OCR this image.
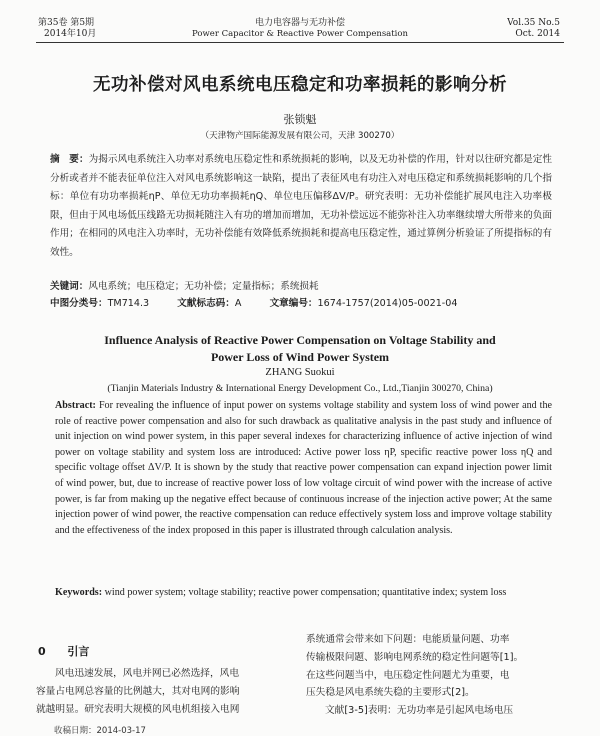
第35卷 第5期
2014年10月
电力电容器与无功补偿
Power Capacitor & Reactive Power Compensation
Vol.35 No.5
Oct. 2014
无功补偿对风电系统电压稳定和功率损耗的影响分析
张锁魁
（天津物产国际能源发展有限公司，天津 300270）
摘　要：为揭示风电系统注入功率对系统电压稳定性和系统损耗的影响，以及无功补偿的作用，针对以往研究都是定性分析或者并不能表征单位注入对风电系统影响这一缺陷，提出了表征风电有功注入对电压稳定和系统损耗影响的几个指标：单位有功功率损耗ηP、单位无功功率损耗ηQ、单位电压偏移ΔV/P。研究表明：无功补偿能扩展风电注入功率极限，但由于风电场低压线路无功损耗随注入有功的增加而增加，无功补偿远远不能弥补注入功率继续增大所带来的负面作用；在相同的风电注入功率时，无功补偿能有效降低系统损耗和提高电压稳定性，通过算例分析验证了所提指标的有效性。
关键词：风电系统；电压稳定；无功补偿；定量指标；系统损耗
中图分类号：TM714.3	文献标志码：A	文章编号：1674-1757(2014)05-0021-04
Influence Analysis of Reactive Power Compensation on Voltage Stability and
Power Loss of Wind Power System
ZHANG Suokui
(Tianjin Materials Industry & International Energy Development Co., Ltd.,Tianjin 300270, China)
Abstract: For revealing the influence of input power on systems voltage stability and system loss of wind power and the role of reactive power compensation and also for such drawback as qualitative analysis in the past study and influence of unit injection on wind power system, in this paper several indexes for characterizing influence of active injection of wind power on voltage stability and system loss are introduced: Active power loss ηP, specific reactive power loss ηQ and specific voltage offset ΔV/P. It is shown by the study that reactive power compensation can expand injection power limit of wind power, but, due to increase of reactive power loss of low voltage circuit of wind power with the increase of active power, is far from making up the negative effect because of continuous increase of the injection active power; At the same injection power of wind power, the reactive compensation can reduce effectively system loss and improve voltage stability and the effectiveness of the index proposed in this paper is illustrated through calculation analysis.
Keywords: wind power system; voltage stability; reactive power compensation; quantitative index; system loss
0 引言
风电迅速发展，风电并网已必然选择，风电
容量占电网总容量的比例越大，其对电网的影响
就越明显。研究表明大规模的风电机组接入电网
系统通常会带来如下问题：电能质量问题、功率
传输极限问题、影响电网系统的稳定性问题等[1]。
在这些问题当中，电压稳定性问题尤为重要，电
压失稳是风电系统失稳的主要形式[2]。
文献[3-5]表明：无功功率是引起风电场电压
收稿日期：2014-03-17
